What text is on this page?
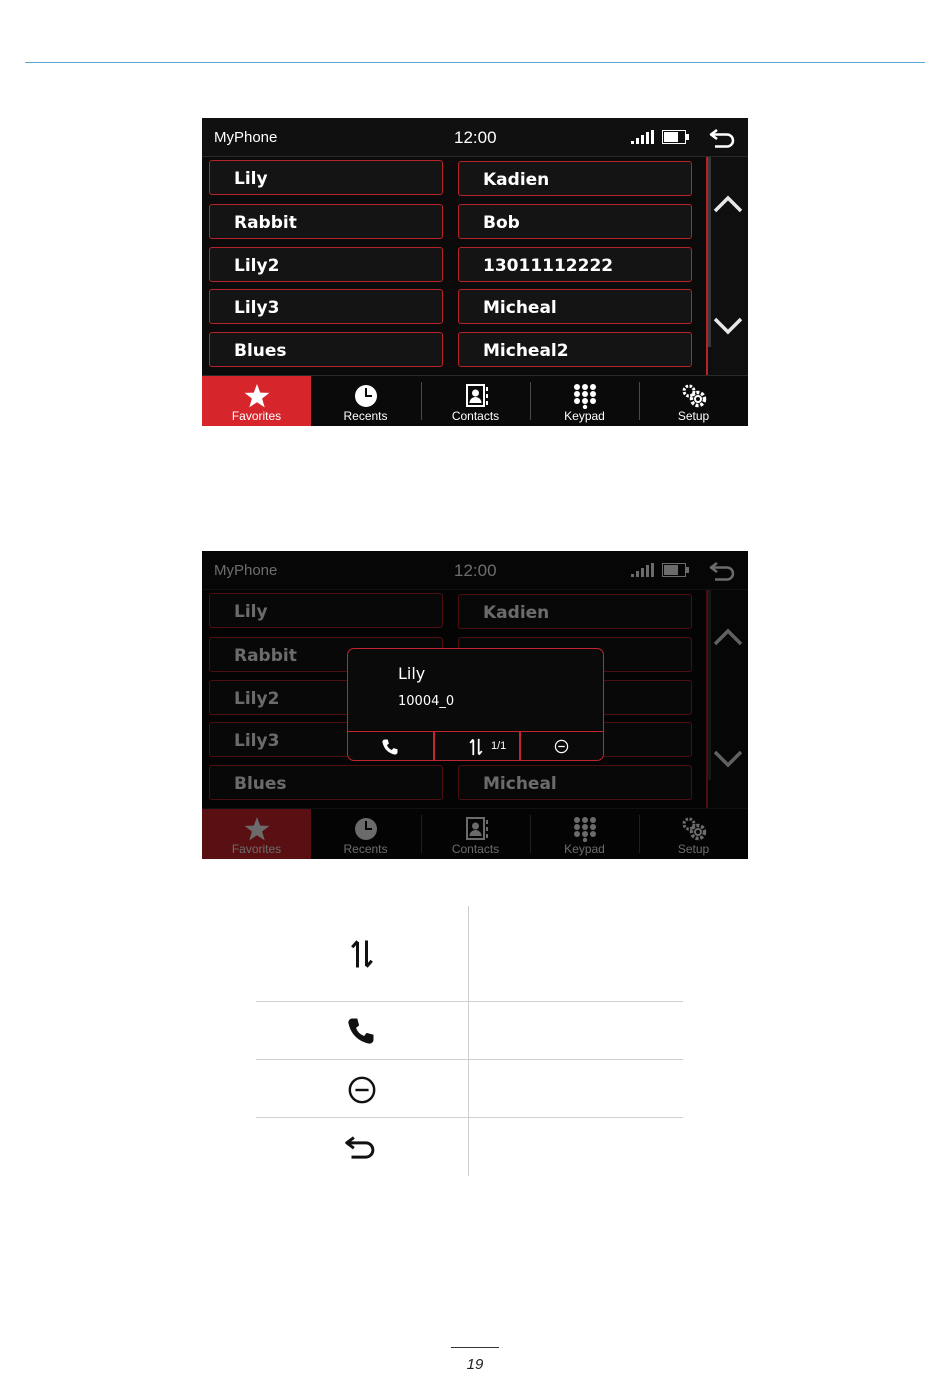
MyPhone	12:00
Lily	Kadien
Rabbit	Bob
Lily2	13011112222
Lily3	Micheal
Blues	Micheal2
Favorites	Recents	Contacts	Keypad	Setup
Lily
10004_0
1/1
19
